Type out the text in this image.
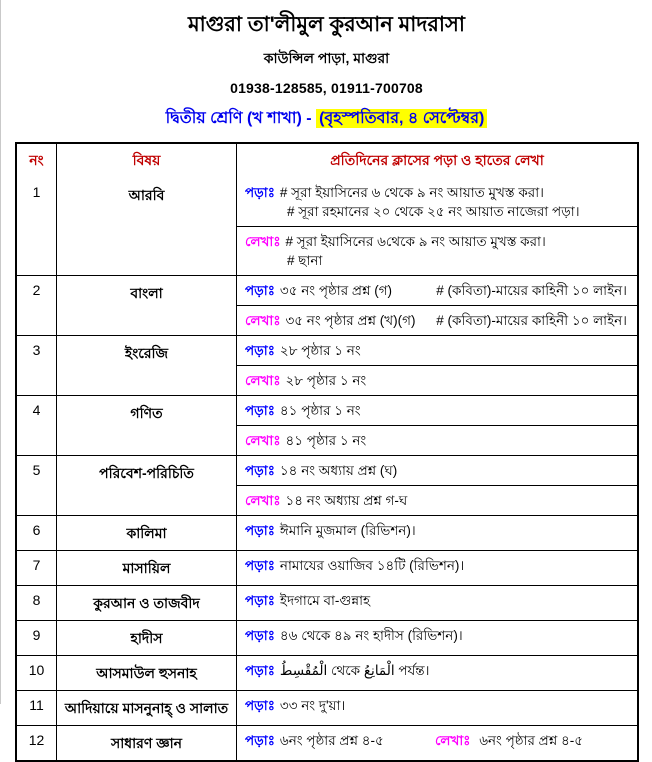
মাগুরা তা'লীমুল কুরআন মাদরাসা
কাউন্সিল পাড়া, মাগুরা
01938-128585, 01911-700708
দ্বিতীয় শ্রেণি (খ শাখা) - (বৃহস্পতিবার, ৪ সেপ্টেম্বর)
নং	বিষয়	প্রতিদিনের ক্লাসের পড়া ও হাতের লেখা
1	আরবি	পড়াঃ # সূরা ইয়াসিনের ৬ থেকে ৯ নং আয়াত মুখস্ত করা।
# সূরা রহমানের ২০ থেকে ২৫ নং আয়াত নাজেরা পড়া।
লেখাঃ # সূরা ইয়াসিনের ৬থেকে ৯ নং আয়াত মুখস্ত করা।
# ছানা
2	বাংলা	পড়াঃ ৩৫ নং পৃষ্ঠার প্রশ্ন (গ)	# (কবিতা)-মায়ের কাহিনী ১০ লাইন।
লেখাঃ ৩৫ নং পৃষ্ঠার প্রশ্ন (খ)(গ) # (কবিতা)-মায়ের কাহিনী ১০ লাইন।
3	ইংরেজি	পড়াঃ ২৮ পৃষ্ঠার ১ নং
লেখাঃ ২৮ পৃষ্ঠার ১ নং
4	গণিত	পড়াঃ ৪১ পৃষ্ঠার ১ নং
লেখাঃ ৪১ পৃষ্ঠার ১ নং
5	পরিবেশ-পরিচিতি	পড়াঃ ১৪ নং অধ্যায় প্রশ্ন (ঘ)
লেখাঃ ১৪ নং অধ্যায় প্রশ্ন গ-ঘ
6	কালিমা	পড়াঃ ঈমানি মুজমাল (রিভিশন)।
7	মাসায়িল	পড়াঃ নামাযের ওয়াজিব ১৪টি (রিভিশন)।
8	কুরআন ও তাজবীদ	পড়াঃ ইদগামে বা-গুন্নাহ
9	হাদীস	পড়াঃ ৪৬ থেকে ৪৯ নং হাদীস (রিভিশন)।
10	আসমাউল হুসনাহ	পড়াঃ الْمُقْسِطُ থেকে الْمَانِعُ পর্যন্ত।
11	আদিয়ায়ে মাসনুনাহ্ ও সালাত	পড়াঃ ৩৩ নং দু'য়া।
12	সাধারণ জ্ঞান	পড়াঃ ৬নং পৃষ্ঠার প্রশ্ন ৪-৫	লেখাঃ ৬নং পৃষ্ঠার প্রশ্ন ৪-৫
